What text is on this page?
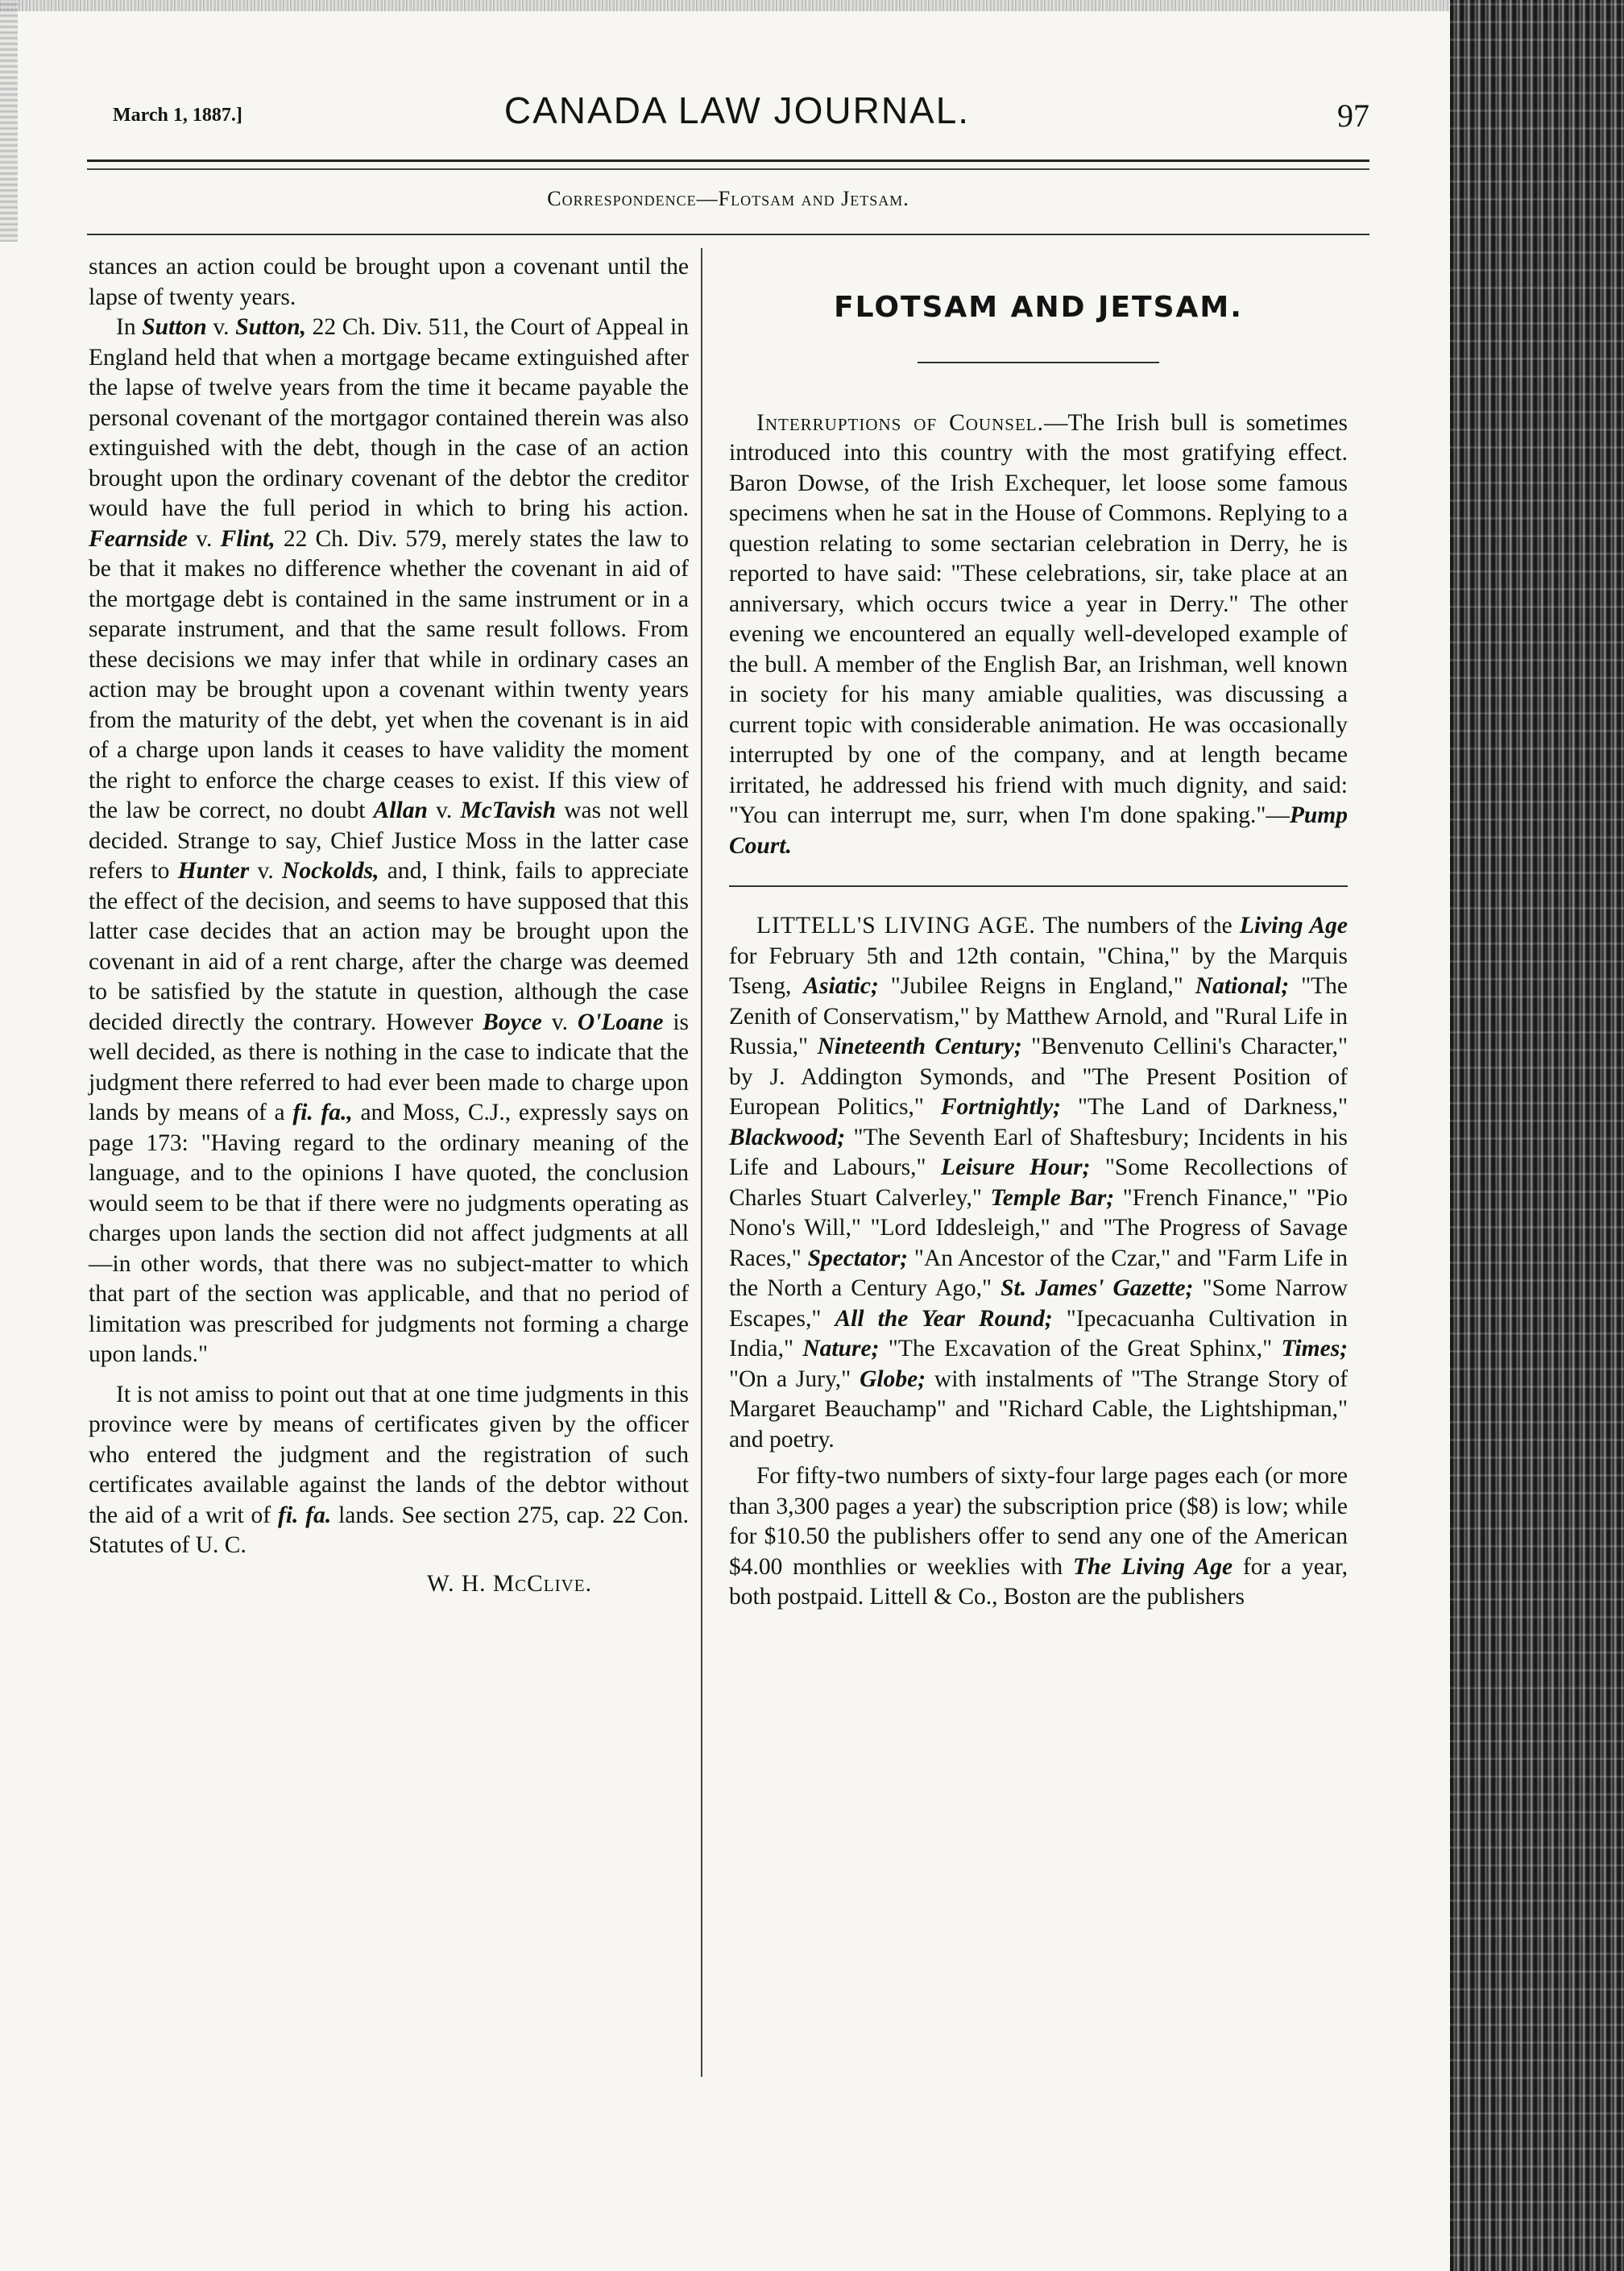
March 1, 1887.]	CANADA LAW JOURNAL.	97
Correspondence—Flotsam and Jetsam.

stances an action could be brought upon a covenant until the lapse of twenty years.

In Sutton v. Sutton, 22 Ch. Div. 511, the Court of Appeal in England held that when a mortgage became extinguished after the lapse of twelve years from the time it became payable the personal covenant of the mortgagor contained therein was also extinguished with the debt, though in the case of an action brought upon the ordinary covenant of the debtor the creditor would have the full period in which to bring his action. Fearnside v. Flint, 22 Ch. Div. 579, merely states the law to be that it makes no difference whether the covenant in aid of the mortgage debt is contained in the same instrument or in a separate instrument, and that the same result follows. From these decisions we may infer that while in ordinary cases an action may be brought upon a covenant within twenty years from the maturity of the debt, yet when the covenant is in aid of a charge upon lands it ceases to have validity the moment the right to enforce the charge ceases to exist. If this view of the law be correct, no doubt Allan v. McTavish was not well decided. Strange to say, Chief Justice Moss in the latter case refers to Hunter v. Nockolds, and, I think, fails to appreciate the effect of the decision, and seems to have supposed that this latter case decides that an action may be brought upon the covenant in aid of a rent charge, after the charge was deemed to be satisfied by the statute in question, although the case decided directly the contrary. However Boyce v. O'Loane is well decided, as there is nothing in the case to indicate that the judgment there referred to had ever been made to charge upon lands by means of a fi. fa., and Moss, C.J., expressly says on page 173: "Having regard to the ordinary meaning of the language, and to the opinions I have quoted, the conclusion would seem to be that if there were no judgments operating as charges upon lands the section did not affect judgments at all—in other words, that there was no subject-matter to which that part of the section was applicable, and that no period of limitation was prescribed for judgments not forming a charge upon lands."

It is not amiss to point out that at one time judgments in this province were by means of certificates given by the officer who entered the judgment and the registration of such certificates available against the lands of the debtor without the aid of a writ of fi. fa. lands. See section 275, cap. 22 Con. Statutes of U. C.

W. H. McClive.

FLOTSAM AND JETSAM.

Interruptions of Counsel.—The Irish bull is sometimes introduced into this country with the most gratifying effect. Baron Dowse, of the Irish Exchequer, let loose some famous specimens when he sat in the House of Commons. Replying to a question relating to some sectarian celebration in Derry, he is reported to have said: "These celebrations, sir, take place at an anniversary, which occurs twice a year in Derry." The other evening we encountered an equally well-developed example of the bull. A member of the English Bar, an Irishman, well known in society for his many amiable qualities, was discussing a current topic with considerable animation. He was occasionally interrupted by one of the company, and at length became irritated, he addressed his friend with much dignity, and said: "You can interrupt me, surr, when I'm done spaking."—Pump Court.

LITTELL'S LIVING AGE. The numbers of the Living Age for February 5th and 12th contain, "China," by the Marquis Tseng, Asiatic; "Jubilee Reigns in England," National; "The Zenith of Conservatism," by Matthew Arnold, and "Rural Life in Russia," Nineteenth Century; "Benvenuto Cellini's Character," by J. Addington Symonds, and "The Present Position of European Politics," Fortnightly; "The Land of Darkness," Blackwood; "The Seventh Earl of Shaftesbury; Incidents in his Life and Labours," Leisure Hour; "Some Recollections of Charles Stuart Calverley," Temple Bar; "French Finance," "Pio Nono's Will," "Lord Iddesleigh," and "The Progress of Savage Races," Spectator; "An Ancestor of the Czar," and "Farm Life in the North a Century Ago," St. James' Gazette; "Some Narrow Escapes," All the Year Round; "Ipecacuanha Cultivation in India," Nature; "The Excavation of the Great Sphinx," Times; "On a Jury," Globe; with instalments of "The Strange Story of Margaret Beauchamp" and "Richard Cable, the Lightshipman," and poetry.

For fifty-two numbers of sixty-four large pages each (or more than 3,300 pages a year) the subscription price ($8) is low; while for $10.50 the publishers offer to send any one of the American $4.00 monthlies or weeklies with The Living Age for a year, both postpaid. Littell & Co., Boston are the publishers
